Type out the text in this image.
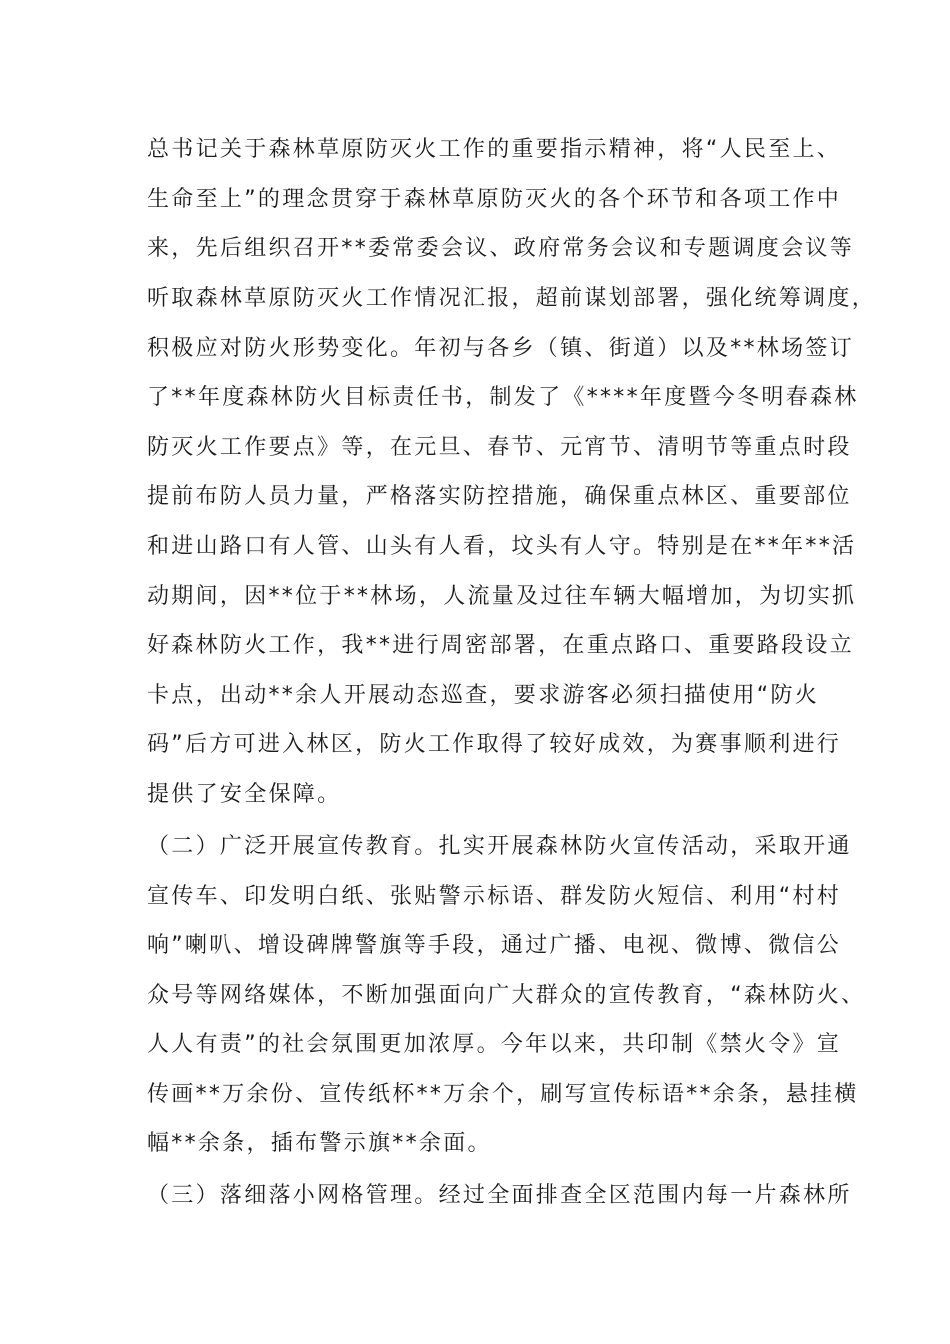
总书记关于森林草原防灭火工作的重要指示精神，将“人民至上、
生命至上”的理念贯穿于森林草原防灭火的各个环节和各项工作中
来，先后组织召开**委常委会议、政府常务会议和专题调度会议等
听取森林草原防灭火工作情况汇报，超前谋划部署，强化统筹调度，
积极应对防火形势变化。年初与各乡（镇、街道）以及**林场签订
了**年度森林防火目标责任书，制发了《****年度暨今冬明春森林
防灭火工作要点》等，在元旦、春节、元宵节、清明节等重点时段
提前布防人员力量，严格落实防控措施，确保重点林区、重要部位
和进山路口有人管、山头有人看，坟头有人守。特别是在**年**活
动期间，因**位于**林场，人流量及过往车辆大幅增加，为切实抓
好森林防火工作，我**进行周密部署，在重点路口、重要路段设立
卡点，出动**余人开展动态巡查，要求游客必须扫描使用“防火
码”后方可进入林区，防火工作取得了较好成效，为赛事顺利进行
提供了安全保障。
（二）广泛开展宣传教育。扎实开展森林防火宣传活动，采取开通
宣传车、印发明白纸、张贴警示标语、群发防火短信、利用“村村
响”喇叭、增设碑牌警旗等手段，通过广播、电视、微博、微信公
众号等网络媒体，不断加强面向广大群众的宣传教育，“森林防火、
人人有责”的社会氛围更加浓厚。今年以来，共印制《禁火令》宣
传画**万余份、宣传纸杯**万余个，刷写宣传标语**余条，悬挂横
幅**余条，插布警示旗**余面。
（三）落细落小网格管理。经过全面排查全区范围内每一片森林所
